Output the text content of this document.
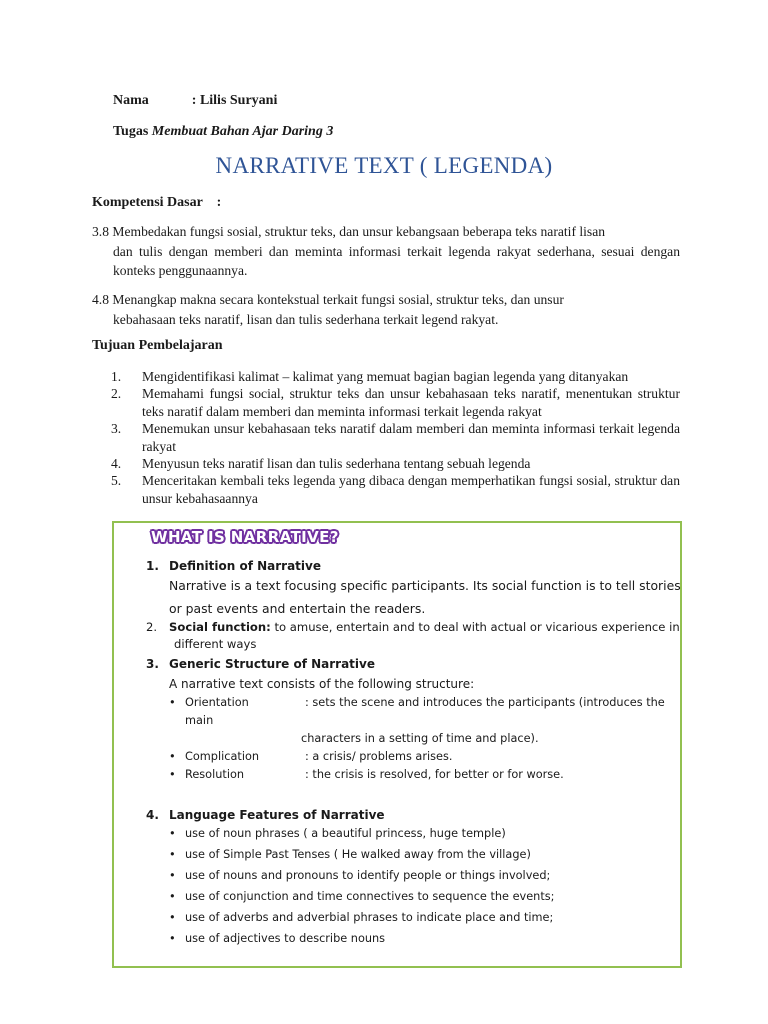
Nama	: Lilis Suryani
Tugas Membuat Bahan Ajar Daring 3
NARRATIVE TEXT ( LEGENDA)
Kompetensi Dasar    :
3.8 Membedakan fungsi sosial, struktur teks, dan unsur kebangsaan beberapa teks naratif lisan
dan tulis dengan memberi dan meminta informasi terkait legenda rakyat sederhana, sesuai dengan konteks penggunaannya.
4.8 Menangkap makna secara kontekstual terkait fungsi sosial, struktur teks, dan unsur
kebahasaan teks naratif, lisan dan tulis sederhana terkait legend rakyat.
Tujuan Pembelajaran
1.	Mengidentifikasi kalimat – kalimat yang memuat bagian bagian legenda yang ditanyakan
2.	Memahami fungsi social, struktur teks dan unsur kebahasaan teks naratif, menentukan struktur teks naratif dalam memberi dan meminta informasi terkait legenda rakyat
3.	Menemukan unsur kebahasaan teks naratif dalam memberi dan meminta informasi terkait legenda rakyat
4.	Menyusun teks naratif lisan dan tulis sederhana tentang sebuah legenda
5.	Menceritakan kembali teks legenda yang dibaca dengan memperhatikan fungsi sosial, struktur dan unsur kebahasaannya
WHAT IS NARRATIVE?
1. Definition of Narrative
Narrative is a text focusing specific participants. Its social function is to tell stories
or past events and entertain the readers.
2. Social function: to amuse, entertain and to deal with actual or vicarious experience in
different ways
3. Generic Structure of Narrative
A narrative text consists of the following structure:
• Orientation	: sets the scene and introduces the participants (introduces the
main
characters in a setting of time and place).
• Complication	: a crisis/ problems arises.
• Resolution	: the crisis is resolved, for better or for worse.
4. Language Features of Narrative
• use of noun phrases ( a beautiful princess, huge temple)
• use of Simple Past Tenses ( He walked away from the village)
• use of nouns and pronouns to identify people or things involved;
• use of conjunction and time connectives to sequence the events;
• use of adverbs and adverbial phrases to indicate place and time;
• use of adjectives to describe nouns
